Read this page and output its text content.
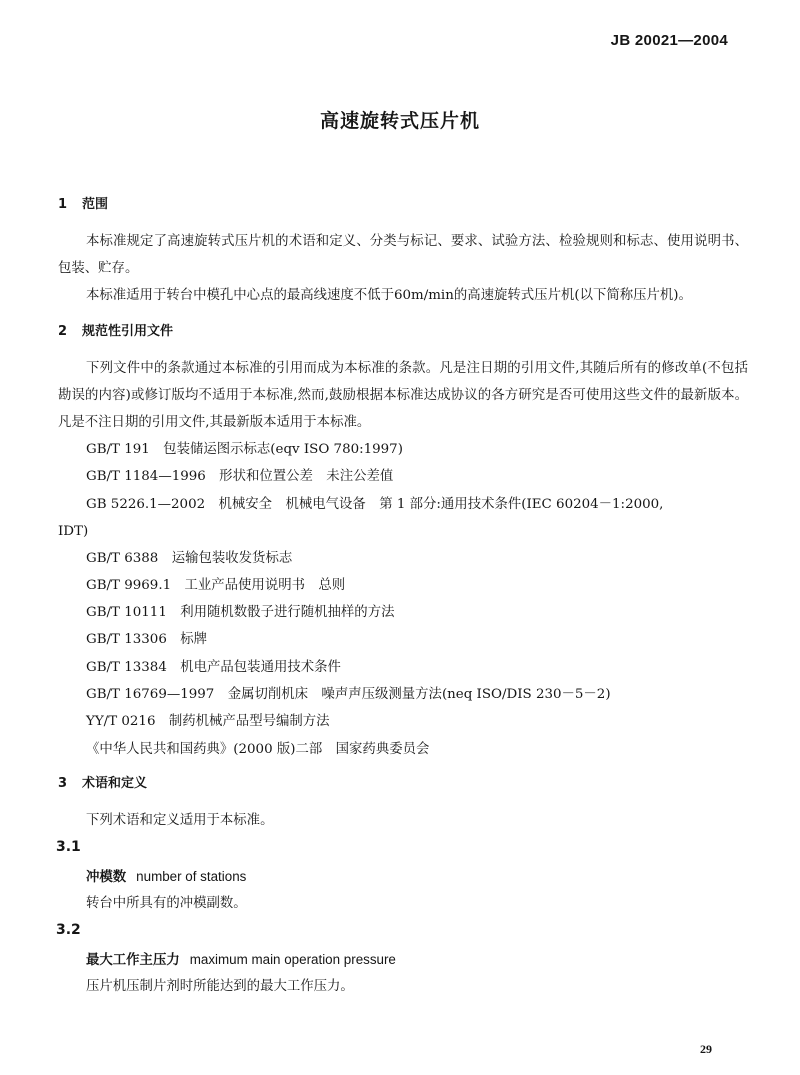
JB 20021—2004
高速旋转式压片机
1 范围

本标准规定了高速旋转式压片机的术语和定义、分类与标记、要求、试验方法、检验规则和标志、使用说明书、包装、贮存。

本标准适用于转台中模孔中心点的最高线速度不低于60m/min的高速旋转式压片机(以下简称压片机)。

2 规范性引用文件

下列文件中的条款通过本标准的引用而成为本标准的条款。凡是注日期的引用文件,其随后所有的修改单(不包括勘误的内容)或修订版均不适用于本标准,然而,鼓励根据本标准达成协议的各方研究是否可使用这些文件的最新版本。凡是不注日期的引用文件,其最新版本适用于本标准。

GB/T 191　包装储运图示标志(eqv ISO 780:1997)

GB/T 1184—1996　形状和位置公差　未注公差值

GB 5226.1—2002　机械安全　机械电气设备　第 1 部分:通用技术条件(IEC 60204－1:2000,
IDT)

GB/T 6388　运输包装收发货标志

GB/T 9969.1　工业产品使用说明书　总则

GB/T 10111　利用随机数骰子进行随机抽样的方法

GB/T 13306　标牌

GB/T 13384　机电产品包装通用技术条件

GB/T 16769—1997　金属切削机床　噪声声压级测量方法(neq ISO/DIS 230－5－2)

YY/T 0216　制药机械产品型号编制方法

《中华人民共和国药典》(2000 版)二部　国家药典委员会

3 术语和定义

下列术语和定义适用于本标准。

3.1

冲模数 number of stations

转台中所具有的冲模副数。

3.2

最大工作主压力 maximum main operation pressure

压片机压制片剂时所能达到的最大工作压力。

29
